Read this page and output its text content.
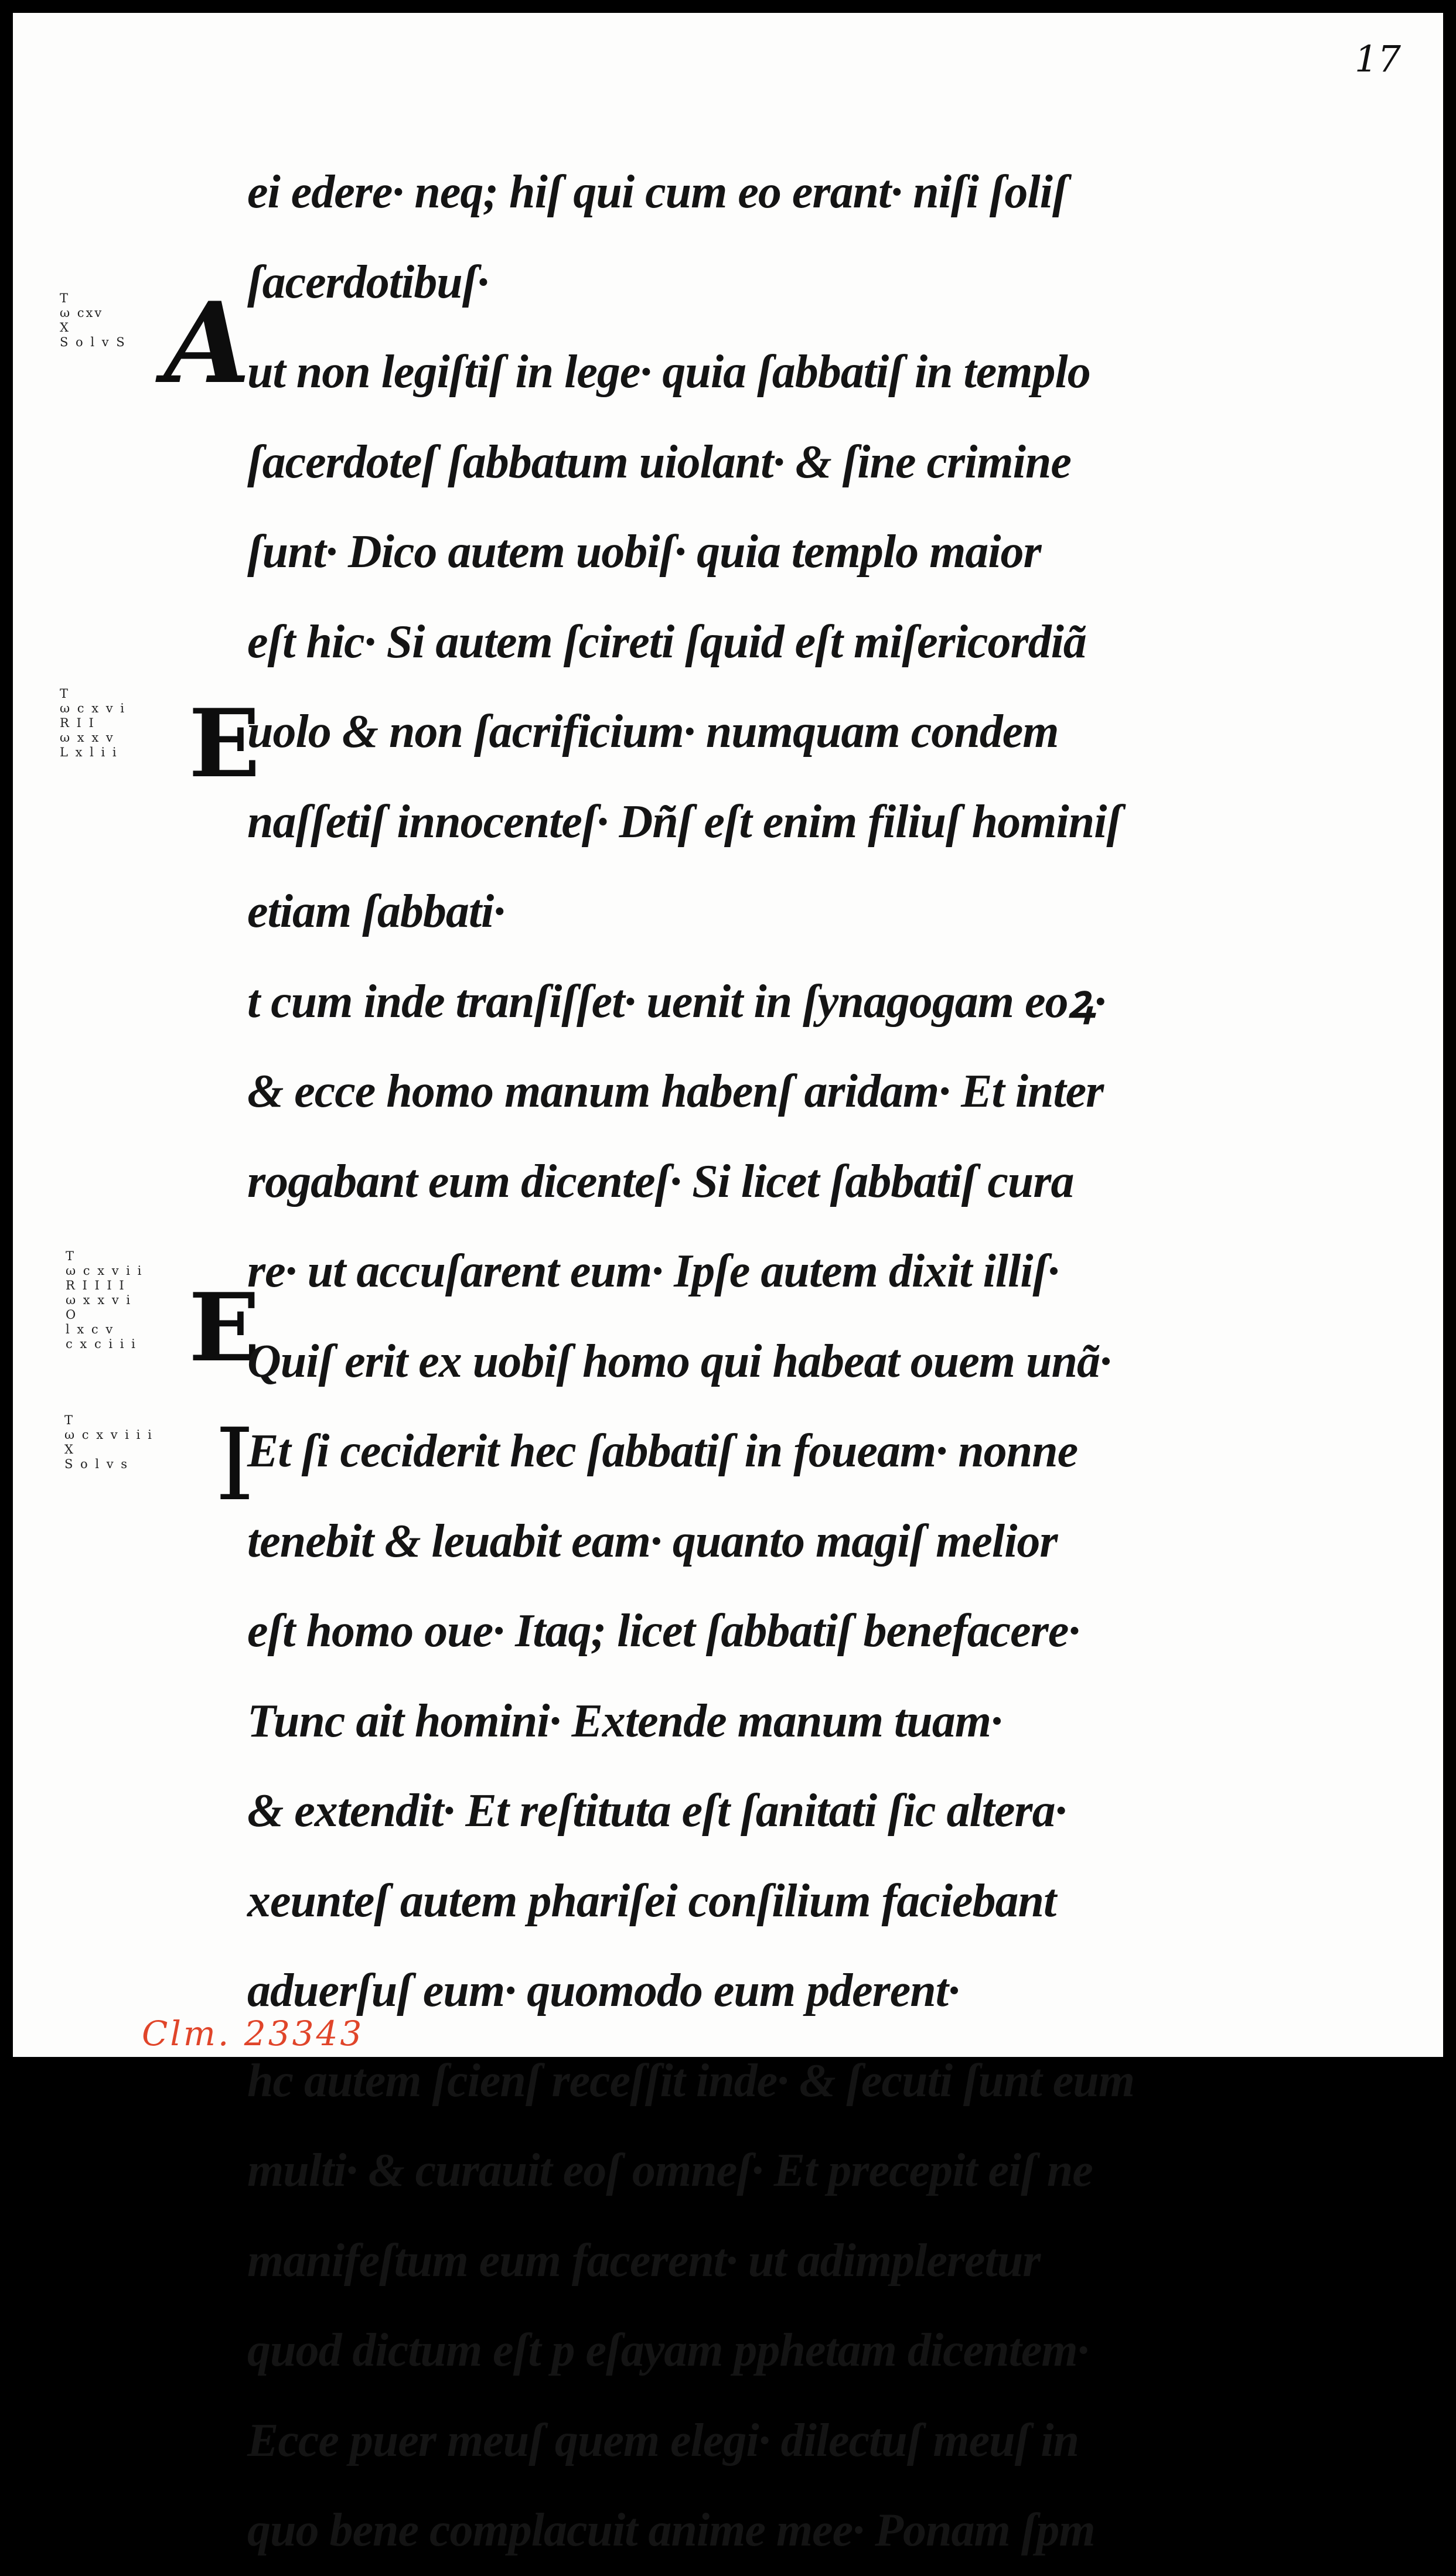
17
T
ω cxv
X
S o l v S
T
ω c x v i
R I I
ω x x v
L x l i i
T
ω c x v i i
R I I I I
ω x x v i
O
l x c v
c x c i i i
T
ω c x v i i i
X
S o l v s
A
E
E
I
ei edere· neq; hiſ qui cum eo erant· niſi ſoliſ
ſacerdotibuſ·
ut non legiſtiſ in lege· quia ſabbatiſ in templo
ſacerdoteſ ſabbatum uiolant· & ſine crimine
ſunt· Dico autem uobiſ· quia templo maior
eſt hic· Si autem ſcireti ſquid eſt miſericordiã
uolo & non ſacrificium· numquam condem
naſſetiſ innocenteſ· Dñſ eſt enim filiuſ hominiſ
etiam ſabbati·
t cum inde tranſiſſet· uenit in ſynagogam eoꝝ·
& ecce homo manum habenſ aridam· Et inter
rogabant eum dicenteſ· Si licet ſabbatiſ cura
re· ut accuſarent eum· Ipſe autem dixit illiſ·
Quiſ erit ex uobiſ homo qui habeat ouem unã·
Et ſi ceciderit hec ſabbatiſ in foueam· nonne
tenebit & leuabit eam· quanto magiſ melior
eſt homo oue· Itaq; licet ſabbatiſ benefacere·
Tunc ait homini· Extende manum tuam·
& extendit· Et reſtituta eſt ſanitati ſic altera·
xeunteſ autem phariſei conſilium faciebant
aduerſuſ eum· quomodo eum pderent·
hc autem ſcienſ receſſit inde· & ſecuti ſunt eum
multi· & curauit eoſ omneſ· Et precepit eiſ ne
manifeſtum eum facerent· ut adimpleretur
quod dictum eſt p eſayam pphetam dicentem·
Ecce puer meuſ quem elegi· dilectuſ meuſ in
quo bene complacuit anime mee· Ponam ſpm
Clm. 23343
